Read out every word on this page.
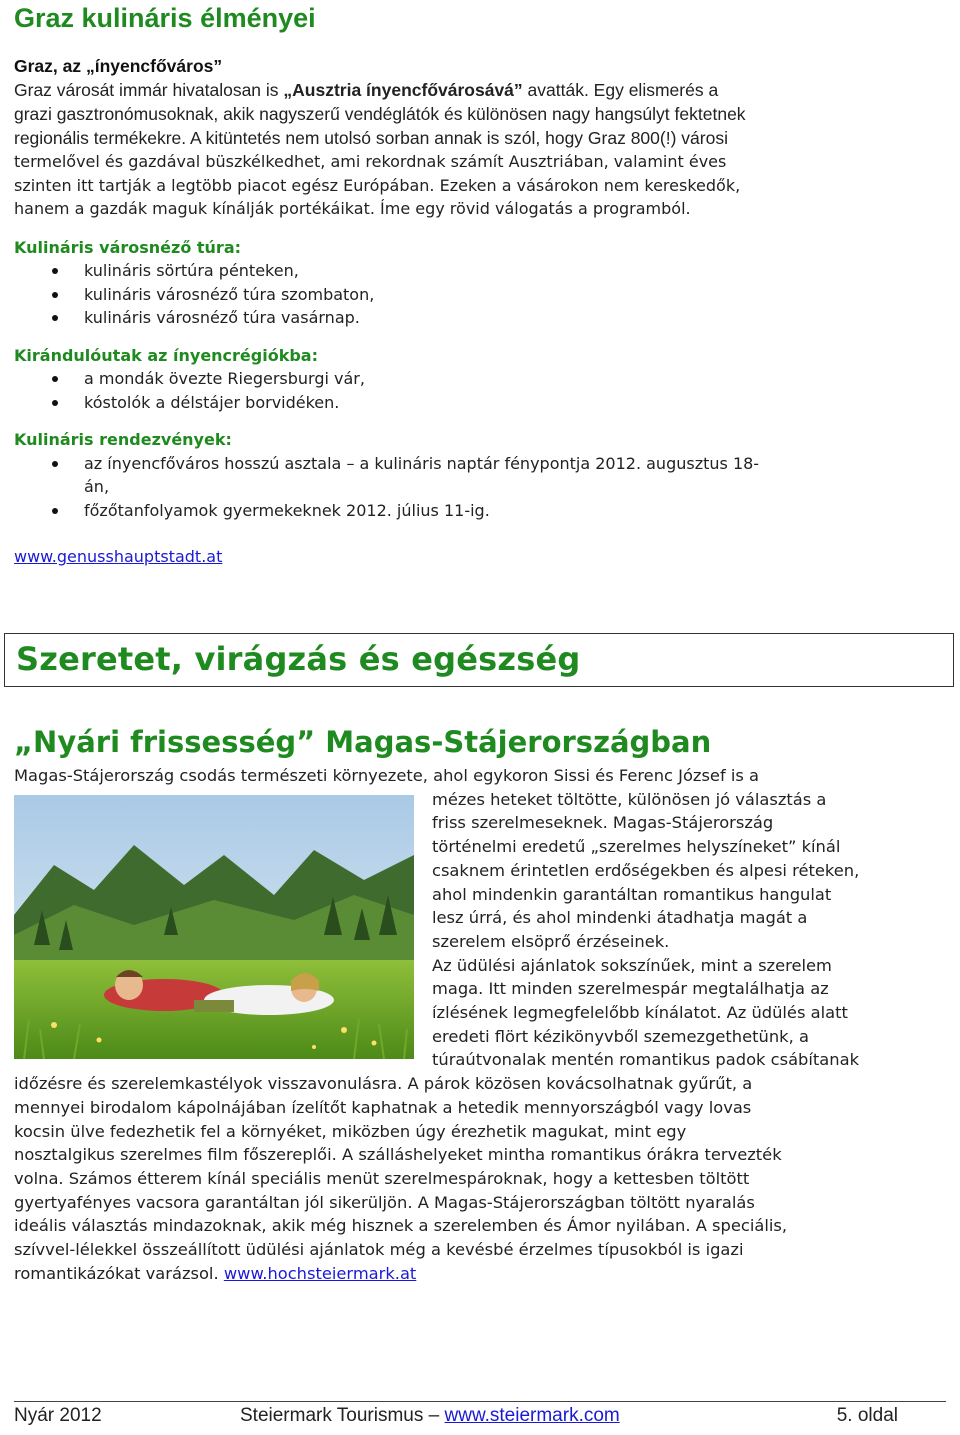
Graz kulináris élményei
Graz, az „ínyencfőváros”
Graz városát immár hivatalosan is „Ausztria ínyencfővárosává” avatták. Egy elismerés a
grazi gasztronómusoknak, akik nagyszerű vendéglátók és különösen nagy hangsúlyt fektetnek
regionális termékekre. A kitüntetés nem utolsó sorban annak is szól, hogy Graz 800(!) városi
termelővel és gazdával büszkélkedhet, ami rekordnak számít Ausztriában, valamint éves
szinten itt tartják a legtöbb piacot egész Európában. Ezeken a vásárokon nem kereskedők,
hanem a gazdák maguk kínálják portékáikat. Íme egy rövid válogatás a programból.
Kulináris városnéző túra:
kulináris sörtúra pénteken,
kulináris városnéző túra szombaton,
kulináris városnéző túra vasárnap.
Kirándulóutak az ínyencrégiókba:
a mondák övezte Riegersburgi vár,
kóstolók a délstájer borvidéken.
Kulináris rendezvények:
az ínyencfőváros hosszú asztala – a kulináris naptár fénypontja 2012. augusztus 18-
án,
főzőtanfolyamok gyermekeknek 2012. július 11-ig.
www.genusshauptstadt.at
Szeretet, virágzás és egészség
„Nyári frissesség” Magas-Stájerországban
Magas-Stájerország csodás természeti környezete, ahol egykoron Sissi és Ferenc József is a
mézes heteket töltötte, különösen jó választás a
friss szerelmeseknek. Magas-Stájerország
történelmi eredetű „szerelmes helyszíneket” kínál
csaknem érintetlen erdőségekben és alpesi réteken,
ahol mindenkin garantáltan romantikus hangulat
lesz úrrá, és ahol mindenki átadhatja magát a
szerelem elsöprő érzéseinek.
Az üdülési ajánlatok sokszínűek, mint a szerelem
maga. Itt minden szerelmespár megtalálhatja az
ízlésének legmegfelelőbb kínálatot. Az üdülés alatt
eredeti flört kézikönyvből szemezgethetünk, a
túraútvonalak mentén romantikus padok csábítanak
időzésre és szerelemkastélyok visszavonulásra. A párok közösen kovácsolhatnak gyűrűt, a
mennyei birodalom kápolnájában ízelítőt kaphatnak a hetedik mennyországból vagy lovas
kocsin ülve fedezhetik fel a környéket, miközben úgy érezhetik magukat, mint egy
nosztalgikus szerelmes film főszereplői. A szálláshelyeket mintha romantikus órákra tervezték
volna. Számos étterem kínál speciális menüt szerelmespároknak, hogy a kettesben töltött
gyertyafényes vacsora garantáltan jól sikerüljön. A Magas-Stájerországban töltött nyaralás
ideális választás mindazoknak, akik még hisznek a szerelemben és Ámor nyilában. A speciális,
szívvel-lélekkel összeállított üdülési ajánlatok még a kevésbé érzelmes típusokból is igazi
romantikázókat varázsol. www.hochsteiermark.at
Nyár 2012	Steiermark Tourismus – www.steiermark.com	5. oldal
